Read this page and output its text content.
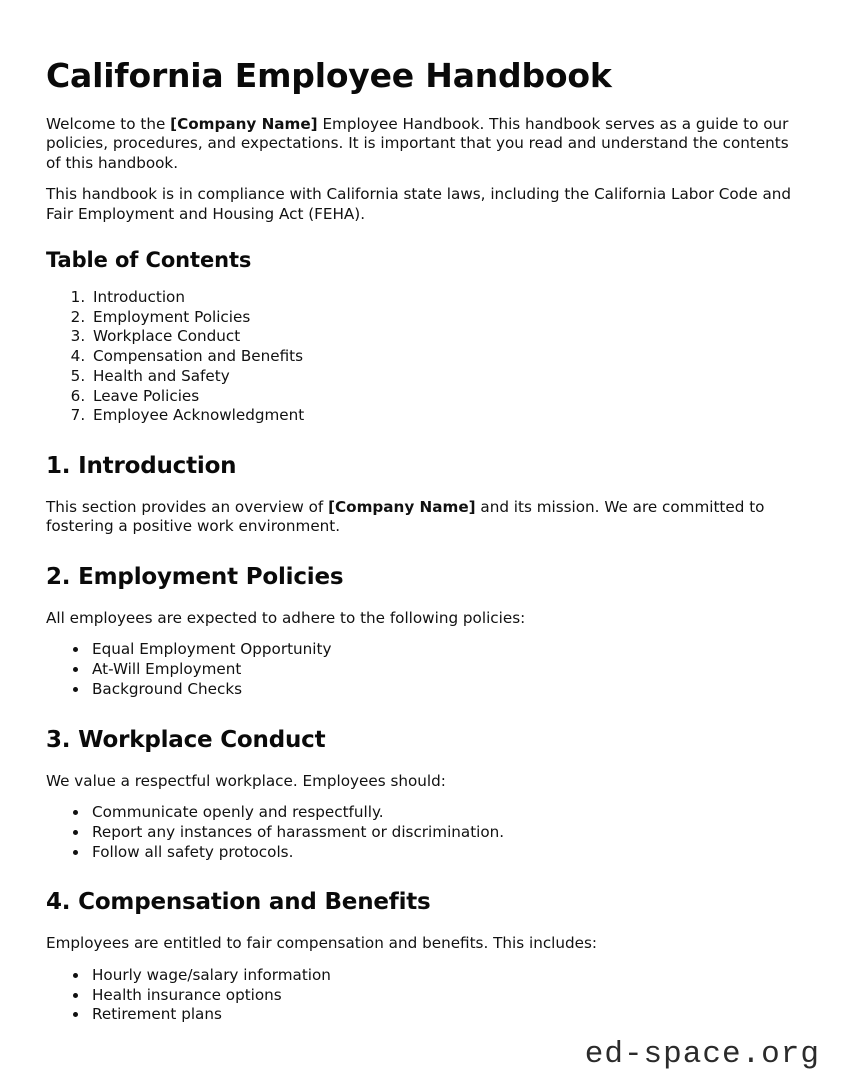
California Employee Handbook

Welcome to the [Company Name] Employee Handbook. This handbook serves as a guide to our policies, procedures, and expectations. It is important that you read and understand the contents of this handbook.

This handbook is in compliance with California state laws, including the California Labor Code and Fair Employment and Housing Act (FEHA).

Table of Contents
1. Introduction
2. Employment Policies
3. Workplace Conduct
4. Compensation and Benefits
5. Health and Safety
6. Leave Policies
7. Employee Acknowledgment
1. Introduction

This section provides an overview of [Company Name] and its mission. We are committed to fostering a positive work environment.

2. Employment Policies

All employees are expected to adhere to the following policies:

• Equal Employment Opportunity
• At-Will Employment
• Background Checks
3. Workplace Conduct

We value a respectful workplace. Employees should:

• Communicate openly and respectfully.
• Report any instances of harassment or discrimination.
• Follow all safety protocols.
4. Compensation and Benefits

Employees are entitled to fair compensation and benefits. This includes:

• Hourly wage/salary information
• Health insurance options
• Retirement plans
ed-space.org
